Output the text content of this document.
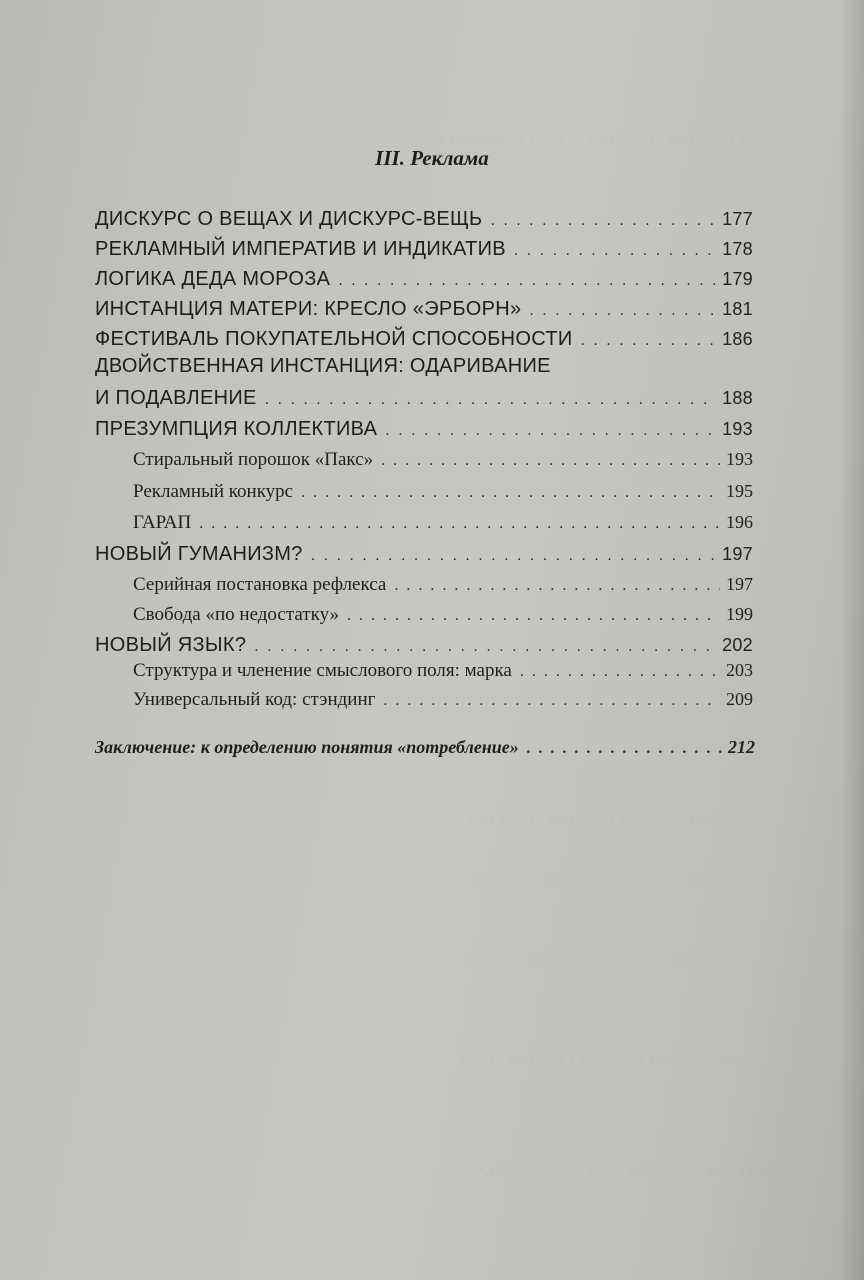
. . . . . . . . . . . . . . . . . . . . . . . . . . . . . . .
. . . . . . . . . . . . . . . . . . . . . . . . . . .
. . . . . . . . . . . . . . . . . . . . . . . . . . . . . .
. . . . . . . . . . . . . . . . . . . . . . . .
. . . . . . . . . . . . . . . . . . . . . . . . . . . . .
. . . . . . . . . . . . . . . . . . . . . . . . . . . . . . .
III. Реклама
ДИСКУРС О ВЕЩАХ И ДИСКУРС-ВЕЩЬ . . .	177
РЕКЛАМНЫЙ ИМПЕРАТИВ И ИНДИКАТИВ . . .	178
ЛОГИКА ДЕДА МОРОЗА . . .	179
ИНСТАНЦИЯ МАТЕРИ: КРЕСЛО «ЭРБОРН» . . .	181
ФЕСТИВАЛЬ ПОКУПАТЕЛЬНОЙ СПОСОБНОСТИ . . .	186
ДВОЙСТВЕННАЯ ИНСТАНЦИЯ: ОДАРИВАНИЕ
И ПОДАВЛЕНИЕ . . .	188
ПРЕЗУМПЦИЯ КОЛЛЕКТИВА . . .	193
Стиральный порошок «Пакс» . . .	193
Рекламный конкурс . . .	195
ГАРАП . . .	196
НОВЫЙ ГУМАНИЗМ? . . .	197
Серийная постановка рефлекса . . .	197
Свобода «по недостатку» . . .	199
НОВЫЙ ЯЗЫК? . . .	202
Структура и членение смыслового поля: марка . . .	203
Универсальный код: стэндинг . . .	209
Заключение: к определению понятия «потребление» . . .	212
